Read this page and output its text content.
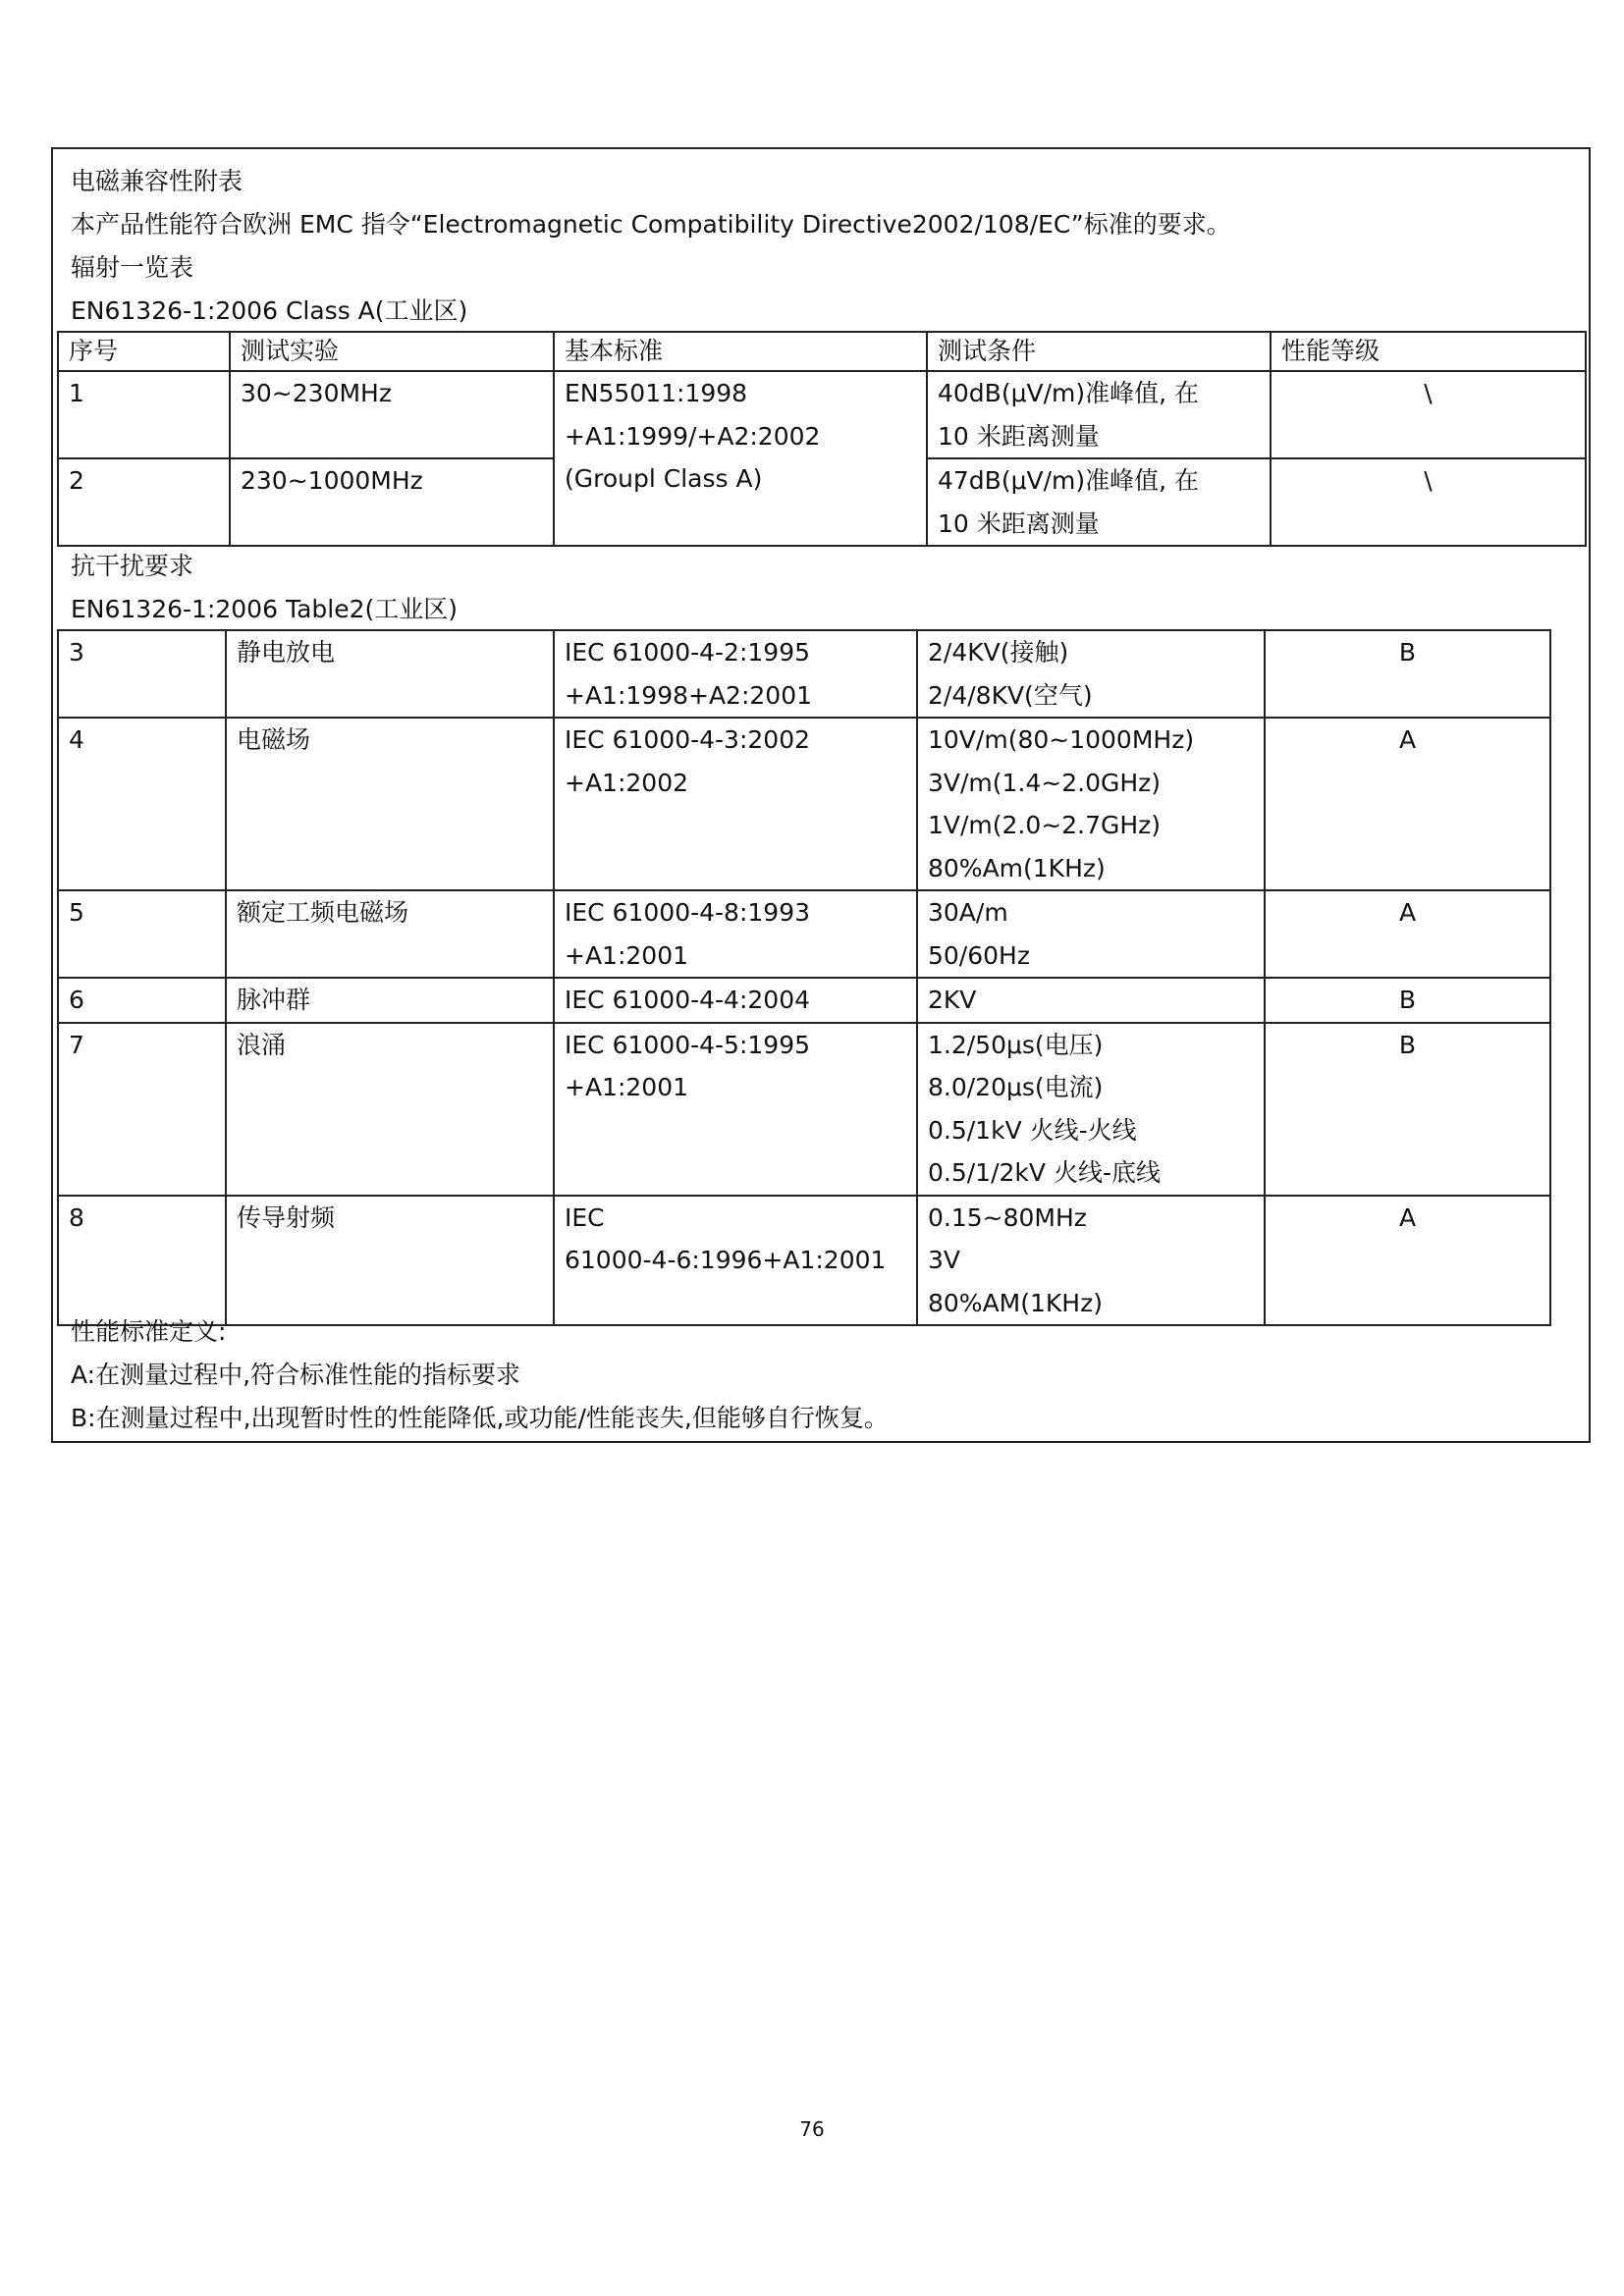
电磁兼容性附表
本产品性能符合欧洲 EMC 指令“Electromagnetic Compatibility Directive2002/108/EC”标准的要求。
辐射一览表
EN61326-1:2006 Class A(工业区)
序号	测试实验	基本标准	测试条件	性能等级
1	30~230MHz	EN55011:1998
+A1:1999/+A2:2002
(Groupl Class A)	40dB(μV/m)准峰值, 在
10 米距离测量	\
2	230~1000MHz		47dB(μV/m)准峰值, 在
10 米距离测量	\
抗干扰要求
EN61326-1:2006 Table2(工业区)
3	静电放电	IEC 61000-4-2:1995
+A1:1998+A2:2001	2/4KV(接触)
2/4/8KV(空气)	B
4	电磁场	IEC 61000-4-3:2002
+A1:2002	10V/m(80~1000MHz)
3V/m(1.4~2.0GHz)
1V/m(2.0~2.7GHz)
80%Am(1KHz)	A
5	额定工频电磁场	IEC 61000-4-8:1993
+A1:2001	30A/m
50/60Hz	A
6	脉冲群	IEC 61000-4-4:2004	2KV	B
7	浪涌	IEC 61000-4-5:1995
+A1:2001	1.2/50μs(电压)
8.0/20μs(电流)
0.5/1kV 火线-火线
0.5/1/2kV 火线-底线	B
8	传导射频	IEC
61000-4-6:1996+A1:2001	0.15~80MHz
3V
80%AM(1KHz)	A
性能标准定义:
A:在测量过程中,符合标准性能的指标要求
B:在测量过程中,出现暂时性的性能降低,或功能/性能丧失,但能够自行恢复。
76
